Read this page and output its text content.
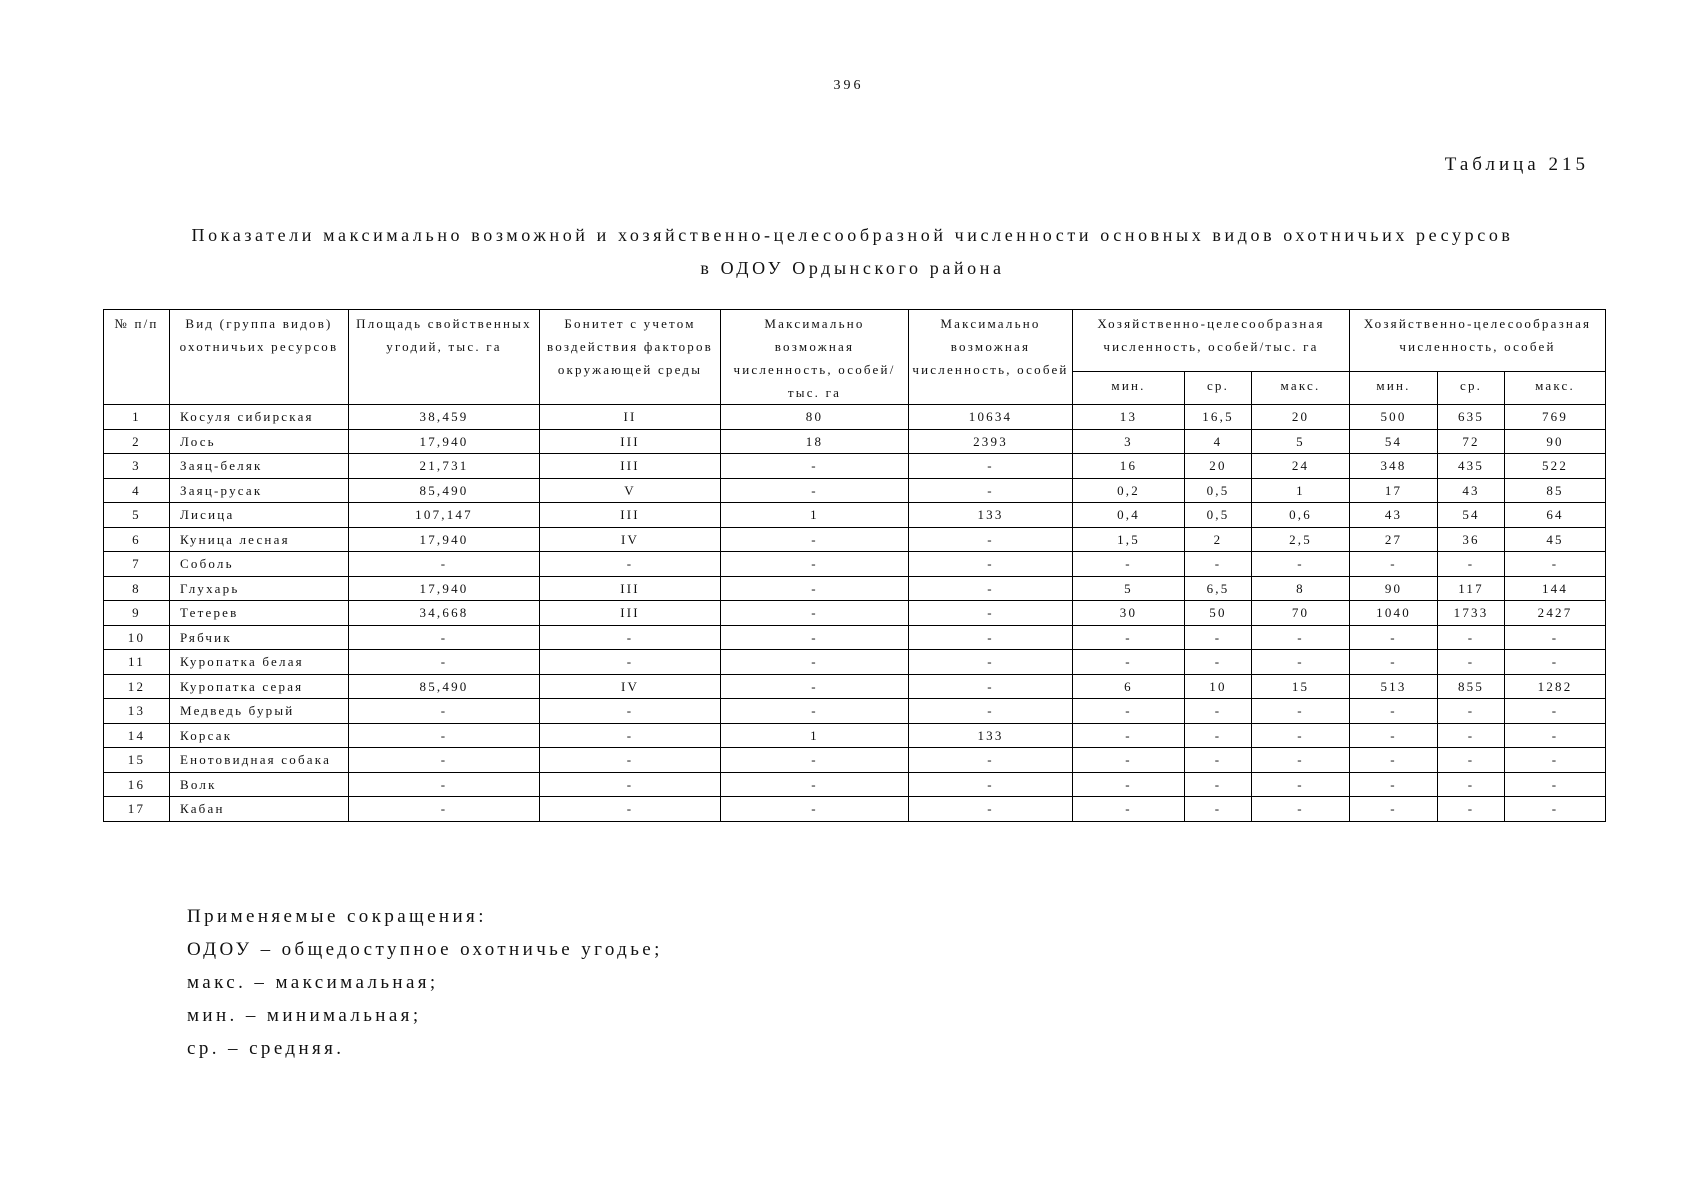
396
Таблица 215
Показатели максимально возможной и хозяйственно-целесообразной численности основных видов охотничьих ресурсов
в ОДОУ Ордынского района
№ п/п	Вид (группа видов) охотничьих ресурсов	Площадь свойственных угодий, тыс. га	Бонитет с учетом воздействия факторов окружающей среды	Максимально возможная численность, особей/тыс. га	Максимально возможная численность, особей	Хозяйственно-целесообразная численность, особей/тыс. га			Хозяйственно-целесообразная численность, особей		
						мин.	ср.	макс.	мин.	ср.	макс.
1	Косуля сибирская	38,459	II	80	10634	13	16,5	20	500	635	769
2	Лось	17,940	III	18	2393	3	4	5	54	72	90
3	Заяц-беляк	21,731	III	-	-	16	20	24	348	435	522
4	Заяц-русак	85,490	V	-	-	0,2	0,5	1	17	43	85
5	Лисица	107,147	III	1	133	0,4	0,5	0,6	43	54	64
6	Куница лесная	17,940	IV	-	-	1,5	2	2,5	27	36	45
7	Соболь	-	-	-	-	-	-	-	-	-	-
8	Глухарь	17,940	III	-	-	5	6,5	8	90	117	144
9	Тетерев	34,668	III	-	-	30	50	70	1040	1733	2427
10	Рябчик	-	-	-	-	-	-	-	-	-	-
11	Куропатка белая	-	-	-	-	-	-	-	-	-	-
12	Куропатка серая	85,490	IV	-	-	6	10	15	513	855	1282
13	Медведь бурый	-	-	-	-	-	-	-	-	-	-
14	Корсак	-	-	1	133	-	-	-	-	-	-
15	Енотовидная собака	-	-	-	-	-	-	-	-	-	-
16	Волк	-	-	-	-	-	-	-	-	-	-
17	Кабан	-	-	-	-	-	-	-	-	-	-
Применяемые сокращения:
ОДОУ – общедоступное охотничье угодье;
макс. – максимальная;
мин. – минимальная;
ср. – средняя.
